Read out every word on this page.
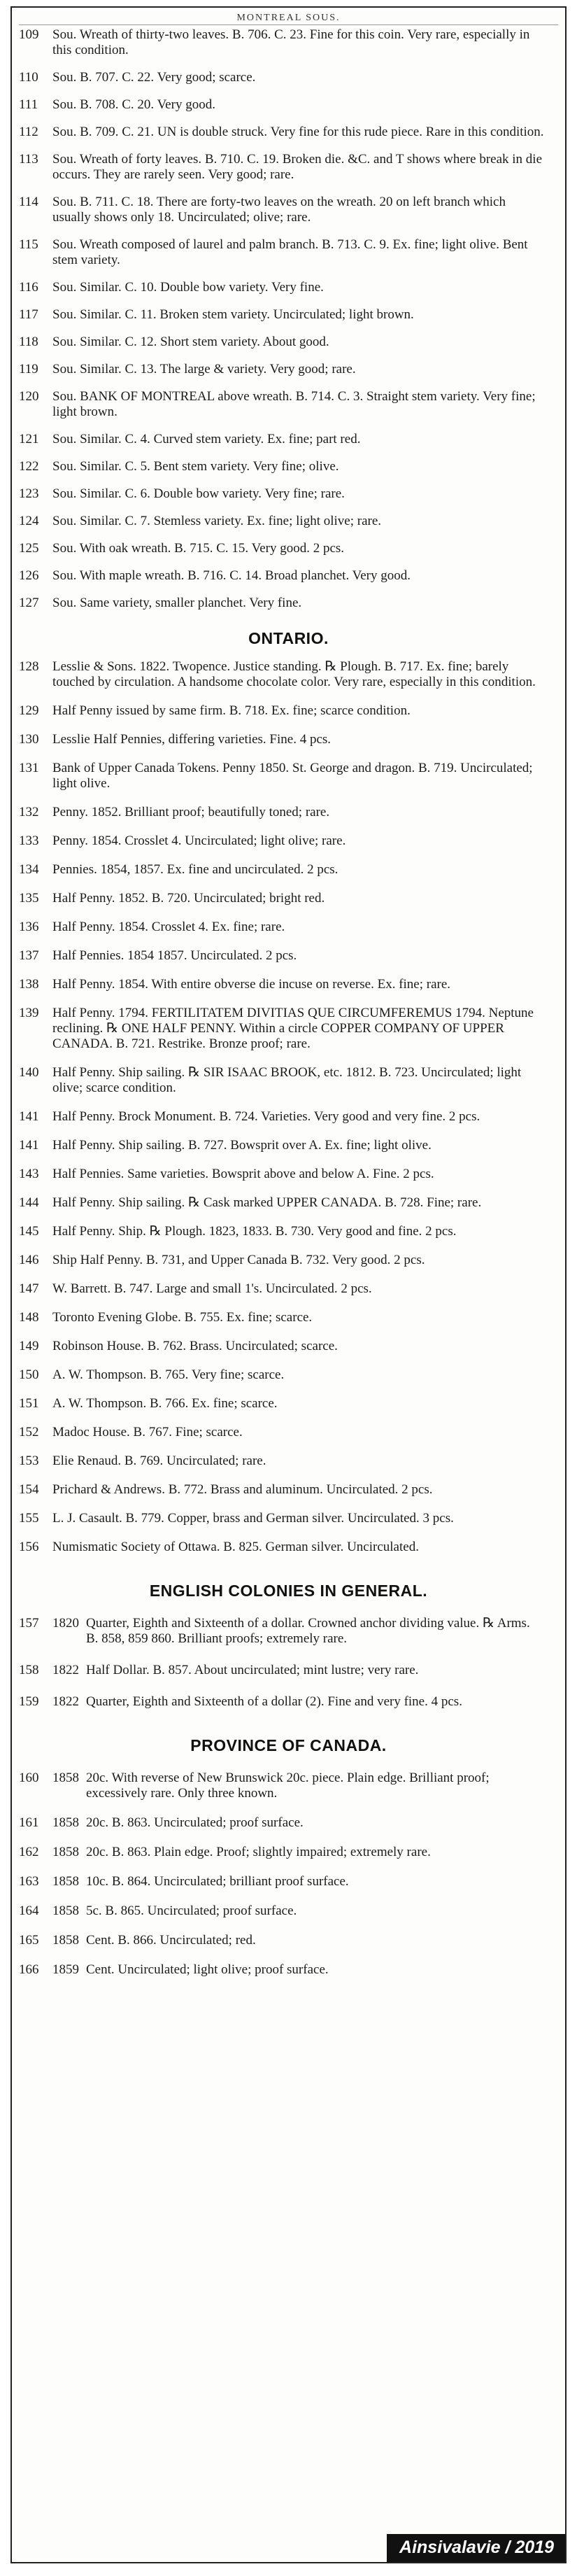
MONTREAL SOUS.
109	Sou. Wreath of thirty-two leaves. B. 706. C. 23. Fine for this coin. Very rare, especially in this condition.
110	Sou. B. 707. C. 22. Very good; scarce.
111	Sou. B. 708. C. 20. Very good.
112	Sou. B. 709. C. 21. UN is double struck. Very fine for this rude piece. Rare in this condition.
113	Sou. Wreath of forty leaves. B. 710. C. 19. Broken die. &C. and T shows where break in die occurs. They are rarely seen. Very good; rare.
114	Sou. B. 711. C. 18. There are forty-two leaves on the wreath. 20 on left branch which usually shows only 18. Uncirculated; olive; rare.
115	Sou. Wreath composed of laurel and palm branch. B. 713. C. 9. Ex. fine; light olive. Bent stem variety.
116	Sou. Similar. C. 10. Double bow variety. Very fine.
117	Sou. Similar. C. 11. Broken stem variety. Uncirculated; light brown.
118	Sou. Similar. C. 12. Short stem variety. About good.
119	Sou. Similar. C. 13. The large & variety. Very good; rare.
120	Sou. BANK OF MONTREAL above wreath. B. 714. C. 3. Straight stem variety. Very fine; light brown.
121	Sou. Similar. C. 4. Curved stem variety. Ex. fine; part red.
122	Sou. Similar. C. 5. Bent stem variety. Very fine; olive.
123	Sou. Similar. C. 6. Double bow variety. Very fine; rare.
124	Sou. Similar. C. 7. Stemless variety. Ex. fine; light olive; rare.
125	Sou. With oak wreath. B. 715. C. 15. Very good. 2 pcs.
126	Sou. With maple wreath. B. 716. C. 14. Broad planchet. Very good.
127	Sou. Same variety, smaller planchet. Very fine.
ONTARIO.
128	Lesslie & Sons. 1822. Twopence. Justice standing. ℞ Plough. B. 717. Ex. fine; barely touched by circulation. A handsome chocolate color. Very rare, especially in this condition.
129	Half Penny issued by same firm. B. 718. Ex. fine; scarce condition.
130	Lesslie Half Pennies, differing varieties. Fine. 4 pcs.
131	Bank of Upper Canada Tokens. Penny 1850. St. George and dragon. B. 719. Uncirculated; light olive.
132	Penny. 1852. Brilliant proof; beautifully toned; rare.
133	Penny. 1854. Crosslet 4. Uncirculated; light olive; rare.
134	Pennies. 1854, 1857. Ex. fine and uncirculated. 2 pcs.
135	Half Penny. 1852. B. 720. Uncirculated; bright red.
136	Half Penny. 1854. Crosslet 4. Ex. fine; rare.
137	Half Pennies. 1854 1857. Uncirculated. 2 pcs.
138	Half Penny. 1854. With entire obverse die incuse on reverse. Ex. fine; rare.
139	Half Penny. 1794. FERTILITATEM DIVITIAS QUE CIRCUMFEREMUS 1794. Neptune reclining. ℞ ONE HALF PENNY. Within a circle COPPER COMPANY OF UPPER CANADA. B. 721. Restrike. Bronze proof; rare.
140	Half Penny. Ship sailing. ℞ SIR ISAAC BROOK, etc. 1812. B. 723. Uncirculated; light olive; scarce condition.
141	Half Penny. Brock Monument. B. 724. Varieties. Very good and very fine. 2 pcs.
141	Half Penny. Ship sailing. B. 727. Bowsprit over A. Ex. fine; light olive.
143	Half Pennies. Same varieties. Bowsprit above and below A. Fine. 2 pcs.
144	Half Penny. Ship sailing. ℞ Cask marked UPPER CANADA. B. 728. Fine; rare.
145	Half Penny. Ship. ℞ Plough. 1823, 1833. B. 730. Very good and fine. 2 pcs.
146	Ship Half Penny. B. 731, and Upper Canada B. 732. Very good. 2 pcs.
147	W. Barrett. B. 747. Large and small 1's. Uncirculated. 2 pcs.
148	Toronto Evening Globe. B. 755. Ex. fine; scarce.
149	Robinson House. B. 762. Brass. Uncirculated; scarce.
150	A. W. Thompson. B. 765. Very fine; scarce.
151	A. W. Thompson. B. 766. Ex. fine; scarce.
152	Madoc House. B. 767. Fine; scarce.
153	Elie Renaud. B. 769. Uncirculated; rare.
154	Prichard & Andrews. B. 772. Brass and aluminum. Uncirculated. 2 pcs.
155	L. J. Casault. B. 779. Copper, brass and German silver. Uncirculated. 3 pcs.
156	Numismatic Society of Ottawa. B. 825. German silver. Uncirculated.
ENGLISH COLONIES IN GENERAL.
157	1820 Quarter, Eighth and Sixteenth of a dollar. Crowned anchor dividing value. ℞ Arms. B. 858, 859 860. Brilliant proofs; extremely rare.
158	1822 Half Dollar. B. 857. About uncirculated; mint lustre; very rare.
159	1822 Quarter, Eighth and Sixteenth of a dollar (2). Fine and very fine. 4 pcs.
PROVINCE OF CANADA.
160	1858 20c. With reverse of New Brunswick 20c. piece. Plain edge. Brilliant proof; excessively rare. Only three known.
161	1858 20c. B. 863. Uncirculated; proof surface.
162	1858 20c. B. 863. Plain edge. Proof; slightly impaired; extremely rare.
163	1858 10c. B. 864. Uncirculated; brilliant proof surface.
164	1858 5c. B. 865. Uncirculated; proof surface.
165	1858 Cent. B. 866. Uncirculated; red.
166	1859 Cent. Uncirculated; light olive; proof surface.
Ainsivalavie / 2019
